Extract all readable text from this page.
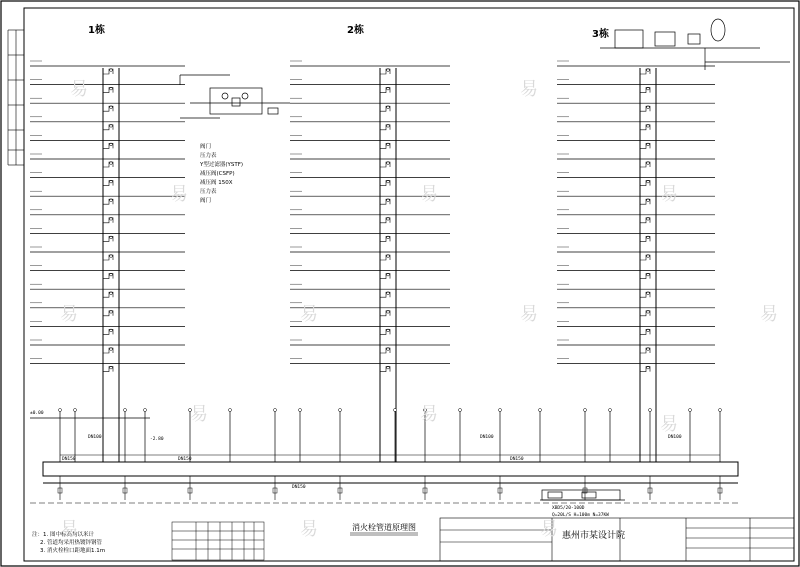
1栋	2栋	3栋
DN150	DN150
DN150
DN150
-2.80
±0.00
DN100	DN100	DN100
阀门
压力表
Y型过滤器(YSTF)
减压阀(CSFP)
减压阀 150X
压力表
阀门
XBD5/20-100D
Q=20L/S H=100m N=37KW
消火栓管道原理图
注：1. 图中标高均以米计
2. 管道均采用热镀锌钢管
3. 消火栓栓口距地面1.1m
惠州市某设计院
易	易	易
易	易	易	易
易	易	易
易	易	易
易	易
